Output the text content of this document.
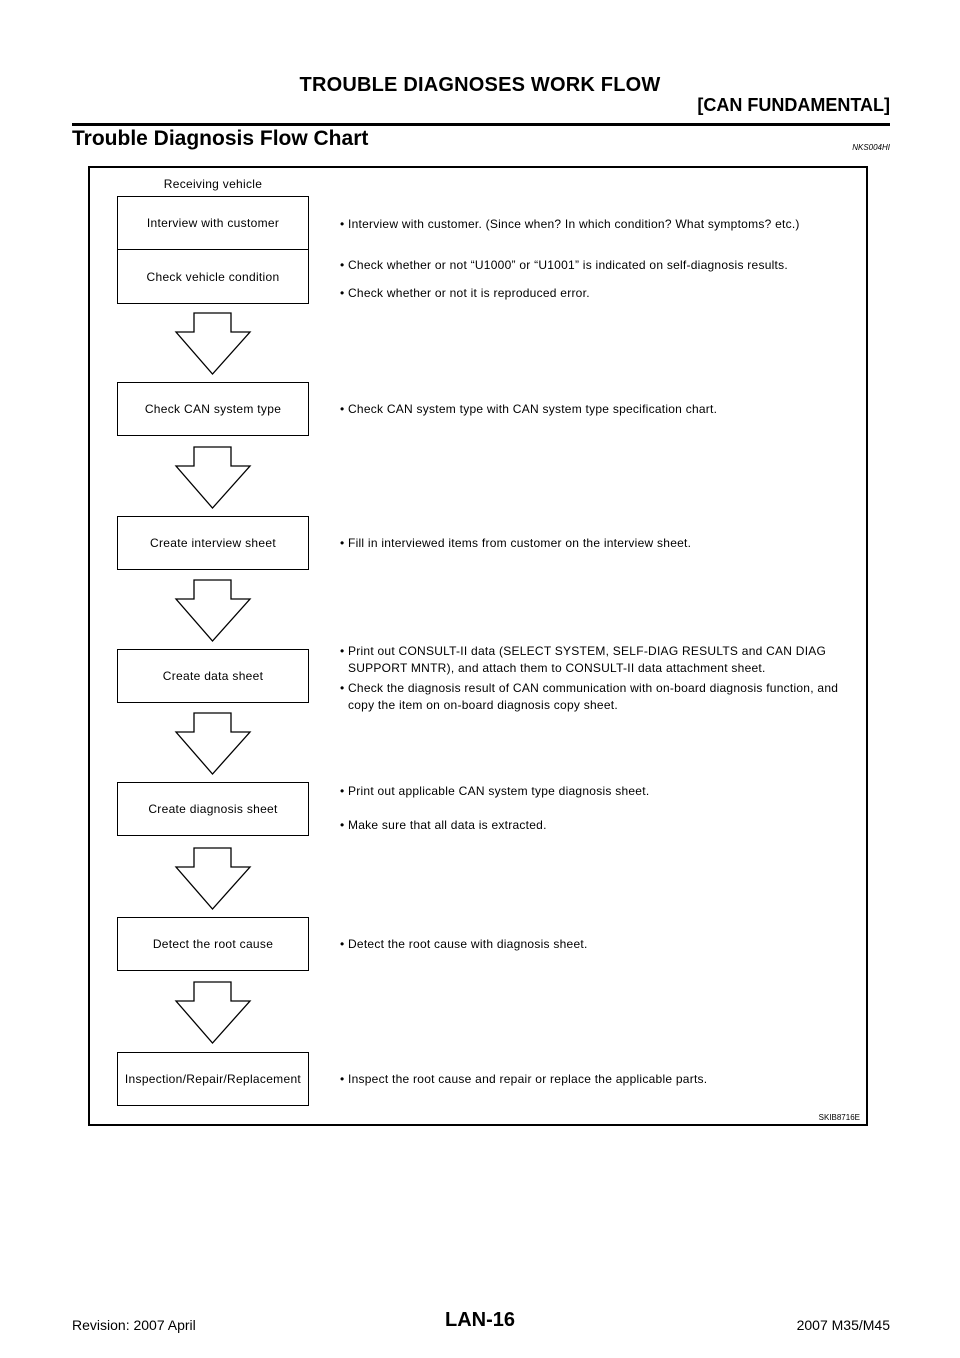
TROUBLE DIAGNOSES WORK FLOW
[CAN FUNDAMENTAL]
Trouble Diagnosis Flow Chart	NKS004HI
Receiving vehicle
Interview with customer
Check vehicle condition
Check CAN system type
Create interview sheet
Create data sheet
Create diagnosis sheet
Detect the root cause
Inspection/Repair/Replacement
• Interview with customer. (Since when? In which condition? What symptoms? etc.)
• Check whether or not “U1000” or “U1001” is indicated on self-diagnosis results.
• Check whether or not it is reproduced error.
• Check CAN system type with CAN system type specification chart.
• Fill in interviewed items from customer on the interview sheet.
• Print out CONSULT-II data (SELECT SYSTEM, SELF-DIAG RESULTS and CAN DIAG SUPPORT MNTR), and attach them to CONSULT-II data attachment sheet.
• Check the diagnosis result of CAN communication with on-board diagnosis function, and copy the item on on-board diagnosis copy sheet.
• Print out applicable CAN system type diagnosis sheet.
• Make sure that all data is extracted.
• Detect the root cause with diagnosis sheet.
• Inspect the root cause and repair or replace the applicable parts.
SKIB8716E
Revision: 2007 April	LAN-16	2007 M35/M45
